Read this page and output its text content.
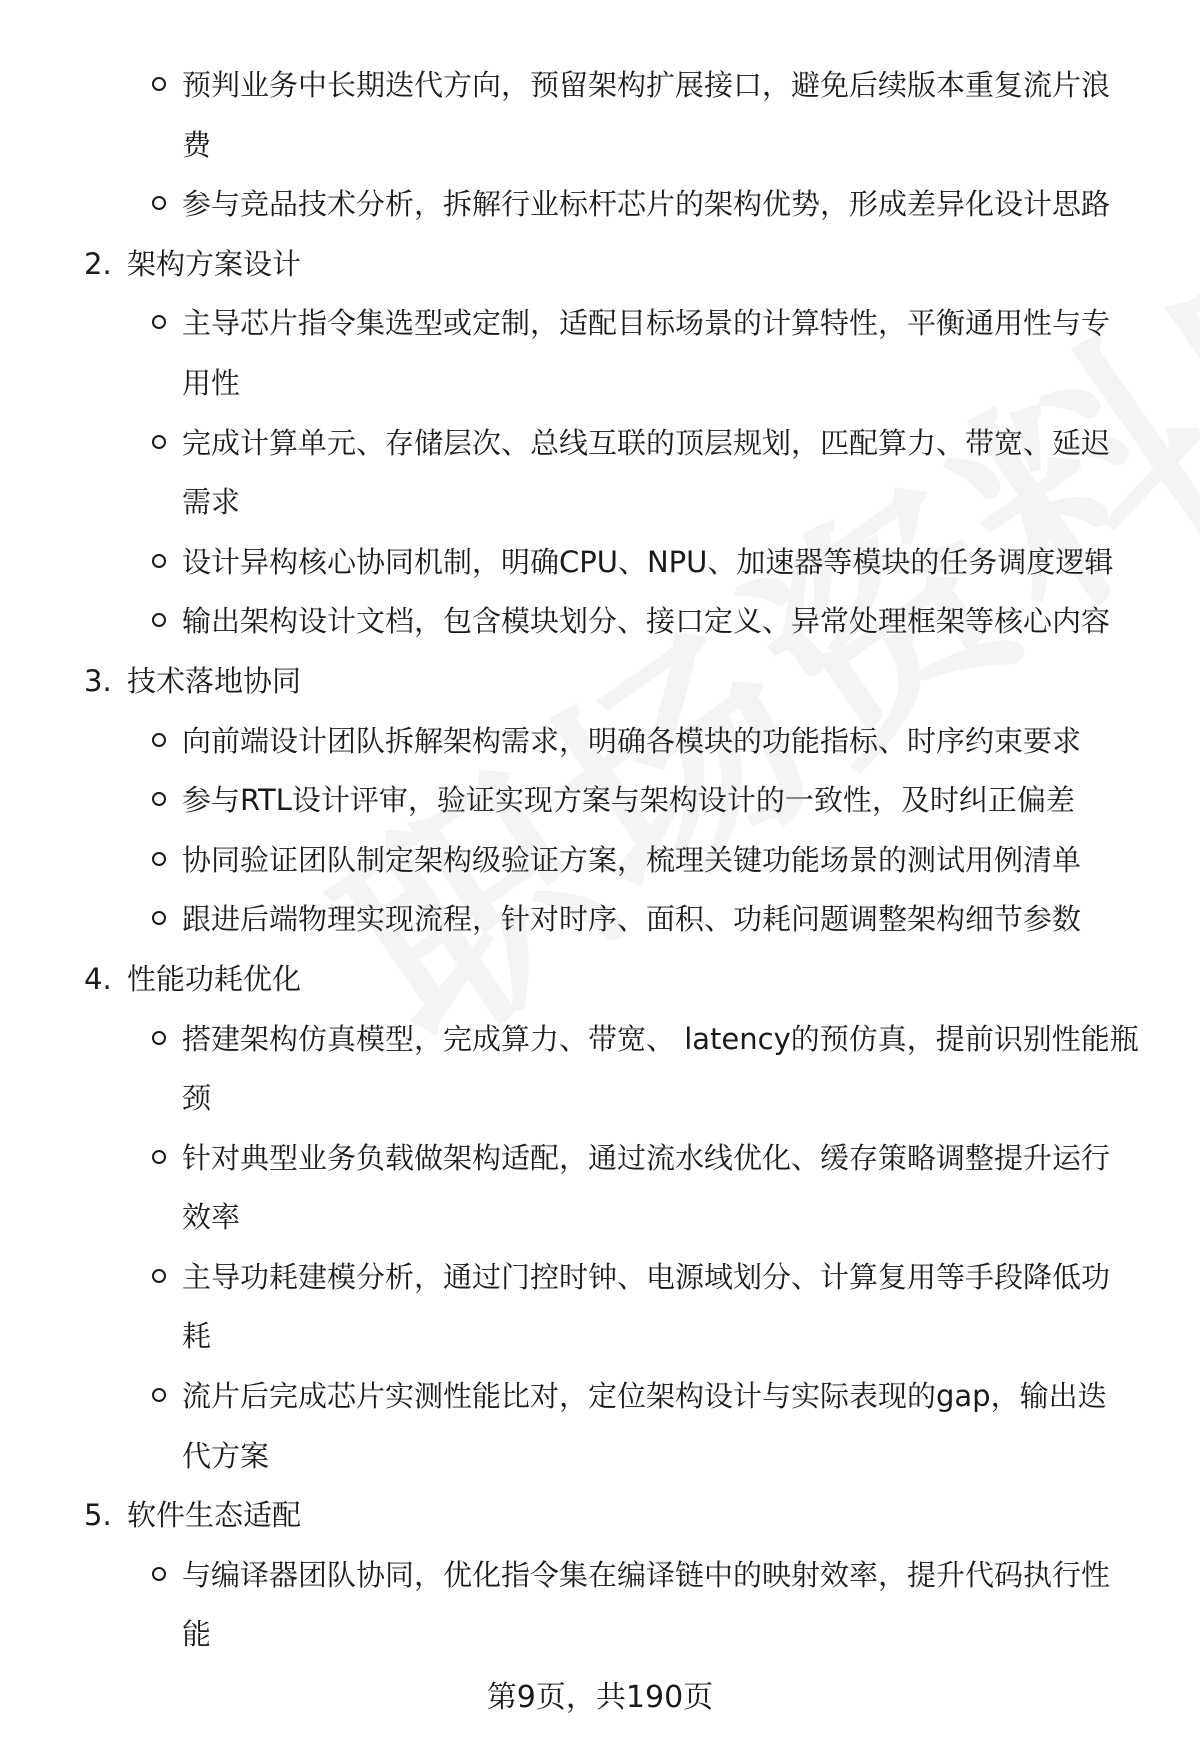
预判业务中长期迭代方向，预留架构扩展接口，避免后续版本重复流片浪
费
参与竞品技术分析，拆解行业标杆芯片的架构优势，形成差异化设计思路
2. 架构方案设计
主导芯片指令集选型或定制，适配目标场景的计算特性，平衡通用性与专
用性
完成计算单元、存储层次、总线互联的顶层规划，匹配算力、带宽、延迟
需求
设计异构核心协同机制，明确CPU、NPU、加速器等模块的任务调度逻辑
输出架构设计文档，包含模块划分、接口定义、异常处理框架等核心内容
3. 技术落地协同
向前端设计团队拆解架构需求，明确各模块的功能指标、时序约束要求
参与RTL设计评审，验证实现方案与架构设计的一致性，及时纠正偏差
协同验证团队制定架构级验证方案，梳理关键功能场景的测试用例清单
跟进后端物理实现流程，针对时序、面积、功耗问题调整架构细节参数
4. 性能功耗优化
搭建架构仿真模型，完成算力、带宽、 latency的预仿真，提前识别性能瓶
颈
针对典型业务负载做架构适配，通过流水线优化、缓存策略调整提升运行
效率
主导功耗建模分析，通过门控时钟、电源域划分、计算复用等手段降低功
耗
流片后完成芯片实测性能比对，定位架构设计与实际表现的gap，输出迭
代方案
5. 软件生态适配
与编译器团队协同，优化指令集在编译链中的映射效率，提升代码执行性
能
第9页，共190页
